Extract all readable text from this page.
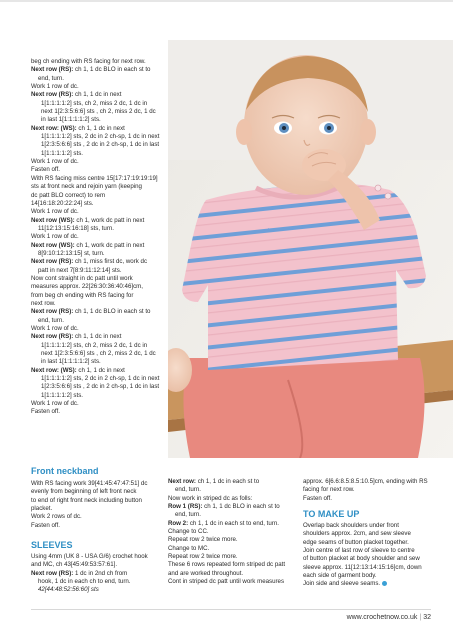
beg ch ending with RS facing for next row.

Next row (RS): ch 1, 1 dc BLO in each st to

end, turn.

Work 1 row of dc.

Next row (RS): ch 1, 1 dc in next

1[1:1:1:1:2] sts, ch 2, miss 2 dc, 1 dc in

next 1[2:3:5:6:6] sts , ch 2, miss 2 dc, 1 dc

in last 1[1:1:1:1:2] sts.

Next row: (WS): ch 1, 1 dc in next

1[1:1:1:1:2] sts, 2 dc in 2 ch-sp, 1 dc in next

1[2:3:5:6:6] sts , 2 dc in 2 ch-sp, 1 dc in last

1[1:1:1:1:2] sts.

Work 1 row of dc.

Fasten off.

With RS facing miss centre 15[17:17:19:19:19]

sts at front neck and rejoin yarn (keeping

dc patt BLO correct) to rem

14[16:18:20:22:24] sts.

Work 1 row of dc.

Next row (WS): ch 1, work dc patt in next

11[12:13:15:16:18] sts, turn.

Work 1 row of dc.

Next row (WS): ch 1, work dc patt in next

8[9:10:12:13:15] st, turn.

Next row (RS): ch 1, miss first dc, work dc

patt in next 7[8:9:11:12:14] sts.

Now cont straight in dc patt until work

measures approx. 22[26:30:36:40:46]cm,

from beg ch ending with RS facing for

next row.

Next row (RS): ch 1, 1 dc BLO in each st to

end, turn.

Work 1 row of dc.

Next row (RS): ch 1, 1 dc in next

1[1:1:1:1:2] sts, ch 2, miss 2 dc, 1 dc in

next 1[2:3:5:6:6] sts , ch 2, miss 2 dc, 1 dc

in last 1[1:1:1:1:2] sts.

Next row: (WS): ch 1, 1 dc in next

1[1:1:1:1:2] sts, 2 dc in 2 ch-sp, 1 dc in next

1[2:3:5:6:6] sts , 2 dc in 2 ch-sp, 1 dc in last

1[1:1:1:1:2] sts.

Work 1 row of dc.

Fasten off.

Front neckband

With RS facing work 39[41:45:47:47:51] dc

evenly from beginning of left front neck

to end of right front neck including button

placket.

Work 2 rows of dc.

Fasten off.

SLEEVES

Using 4mm (UK 8 - USA G/6) crochet hook

and MC, ch 43[45:49:53:57:61].

Next row (RS): 1 dc in 2nd ch from

hook, 1 dc in each ch to end, turn.

42[44:48:52:56:60] sts

Next row: ch 1, 1 dc in each st to

end, turn.

Now work in striped dc as folls:

Row 1 (RS): ch 1, 1 dc BLO in each st to

end, turn.

Row 2: ch 1, 1 dc in each st to end, turn.

Change to CC.

Repeat row 2 twice more.

Change to MC.

Repeat row 2 twice more.

These 6 rows repeated form striped dc patt

and are worked throughout.

Cont in striped dc patt until work measures

approx. 6[6.6:8.5:8.5:10.5]cm, ending with RS

facing for next row.

Fasten off.

TO MAKE UP

Overlap back shoulders under front

shoulders approx. 2cm, and sew sleeve

edge seams of button placket together.

Join centre of last row of sleeve to centre

of button placket at body shoulder and sew

sleeve approx. 11[12:13:14:15:16]cm, down

each side of garment body.

Join side and sleeve seams.

www.crochetnow.co.uk | 32
